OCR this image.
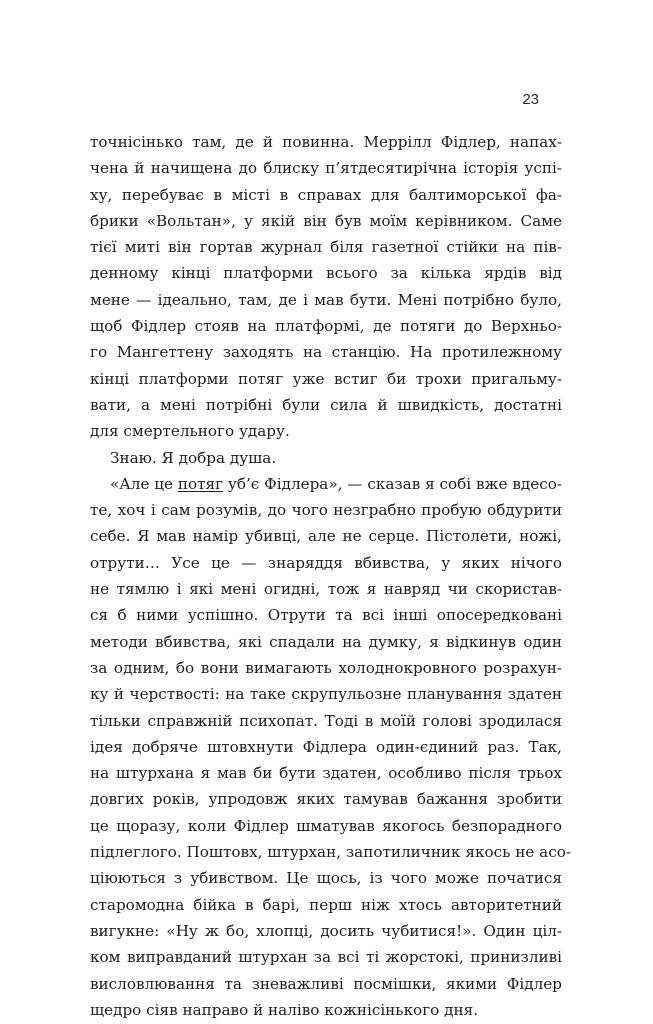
23
точнісінько там, де й повинна. Меррілл Фідлер, напах-
чена й начищена до блиску п’ятдесятирічна історія успі-
ху, перебуває в місті в справах для балтиморської фа-
брики «Вольтан», у якій він був моїм керівником. Саме
тієї миті він гортав журнал біля газетної стійки на пів-
денному кінці платформи всього за кілька ярдів від
мене — ідеально, там, де і мав бути. Мені потрібно було,
щоб Фідлер стояв на платформі, де потяги до Верхньо-
го Мангеттену заходять на станцію. На протилежному
кінці платформи потяг уже встиг би трохи пригальму-
вати, а мені потрібні були сила й швидкість, достатні
для смертельного удару.
Знаю. Я добра душа.
«Але це потяг уб’є Фідлера», — сказав я собі вже вдесо-
те, хоч і сам розумів, до чого незграбно пробую обдурити
себе. Я мав намір убивці, але не серце. Пістолети, ножі,
отрути… Усе це — знаряддя вбивства, у яких нічого
не тямлю і які мені огидні, тож я навряд чи скористав-
ся б ними успішно. Отрути та всі інші опосередковані
методи вбивства, які спадали на думку, я відкинув один
за одним, бо вони вимагають холоднокровного розрахун-
ку й черствості: на таке скрупульозне планування здатен
тільки справжній психопат. Тоді в моїй голові зродилася
ідея добряче штовхнути Фідлера один-єдиний раз. Так,
на штурхана я мав би бути здатен, особливо після трьох
довгих років, упродовж яких тамував бажання зробити
це щоразу, коли Фідлер шматував якогось безпорадного
підлеглого. Поштовх, штурхан, запотиличник якось не асо-
ціюються з убивством. Це щось, із чого може початися
старомодна бійка в барі, перш ніж хтось авторитетний
вигукне: «Ну ж бо, хлопці, досить чубитися!». Один ціл-
ком виправданий штурхан за всі ті жорстокі, принизливі
висловлювання та зневажливі посмішки, якими Фідлер
щедро сіяв направо й наліво кожнісінького дня.
